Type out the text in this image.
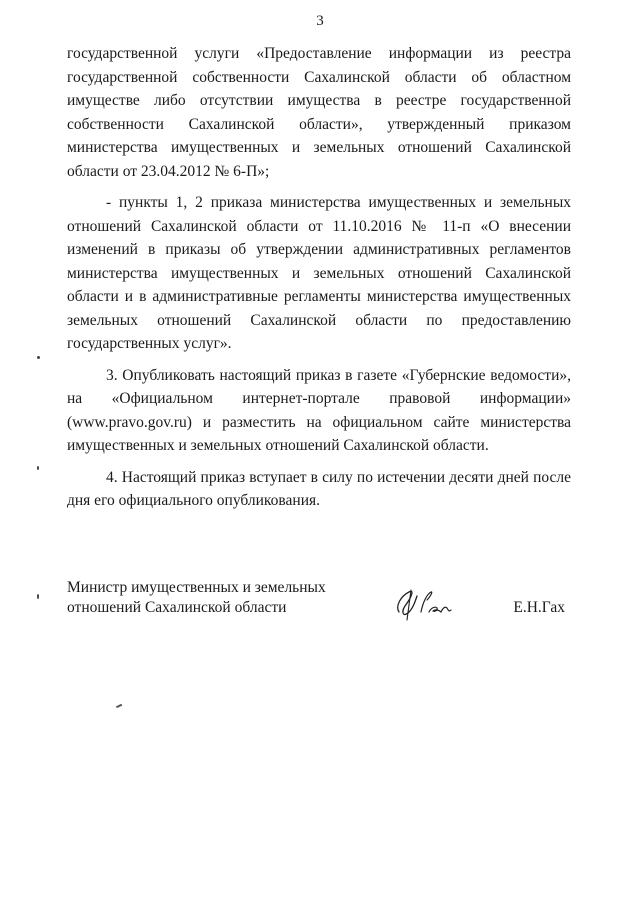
3

государственной услуги «Предоставление информации из реестра государственной собственности Сахалинской области об областном имуществе либо отсутствии имущества в реестре государственной собственности Сахалинской области», утвержденный приказом министерства имущественных и земельных отношений Сахалинской области от 23.04.2012 № 6-П»;

- пункты 1, 2 приказа министерства имущественных и земельных отношений Сахалинской области от 11.10.2016 № 11-п «О внесении изменений в приказы об утверждении административных регламентов министерства имущественных и земельных отношений Сахалинской области и в административные регламенты министерства имущественных земельных отношений Сахалинской области по предоставлению государственных услуг».

3. Опубликовать настоящий приказ в газете «Губернские ведомости», на «Официальном интернет-портале правовой информации» (www.pravo.gov.ru) и разместить на официальном сайте министерства имущественных и земельных отношений Сахалинской области.

4. Настоящий приказ вступает в силу по истечении десяти дней после дня его официального опубликования.

Министр имущественных и земельных
отношений Сахалинской области	Е.Н.Гах
